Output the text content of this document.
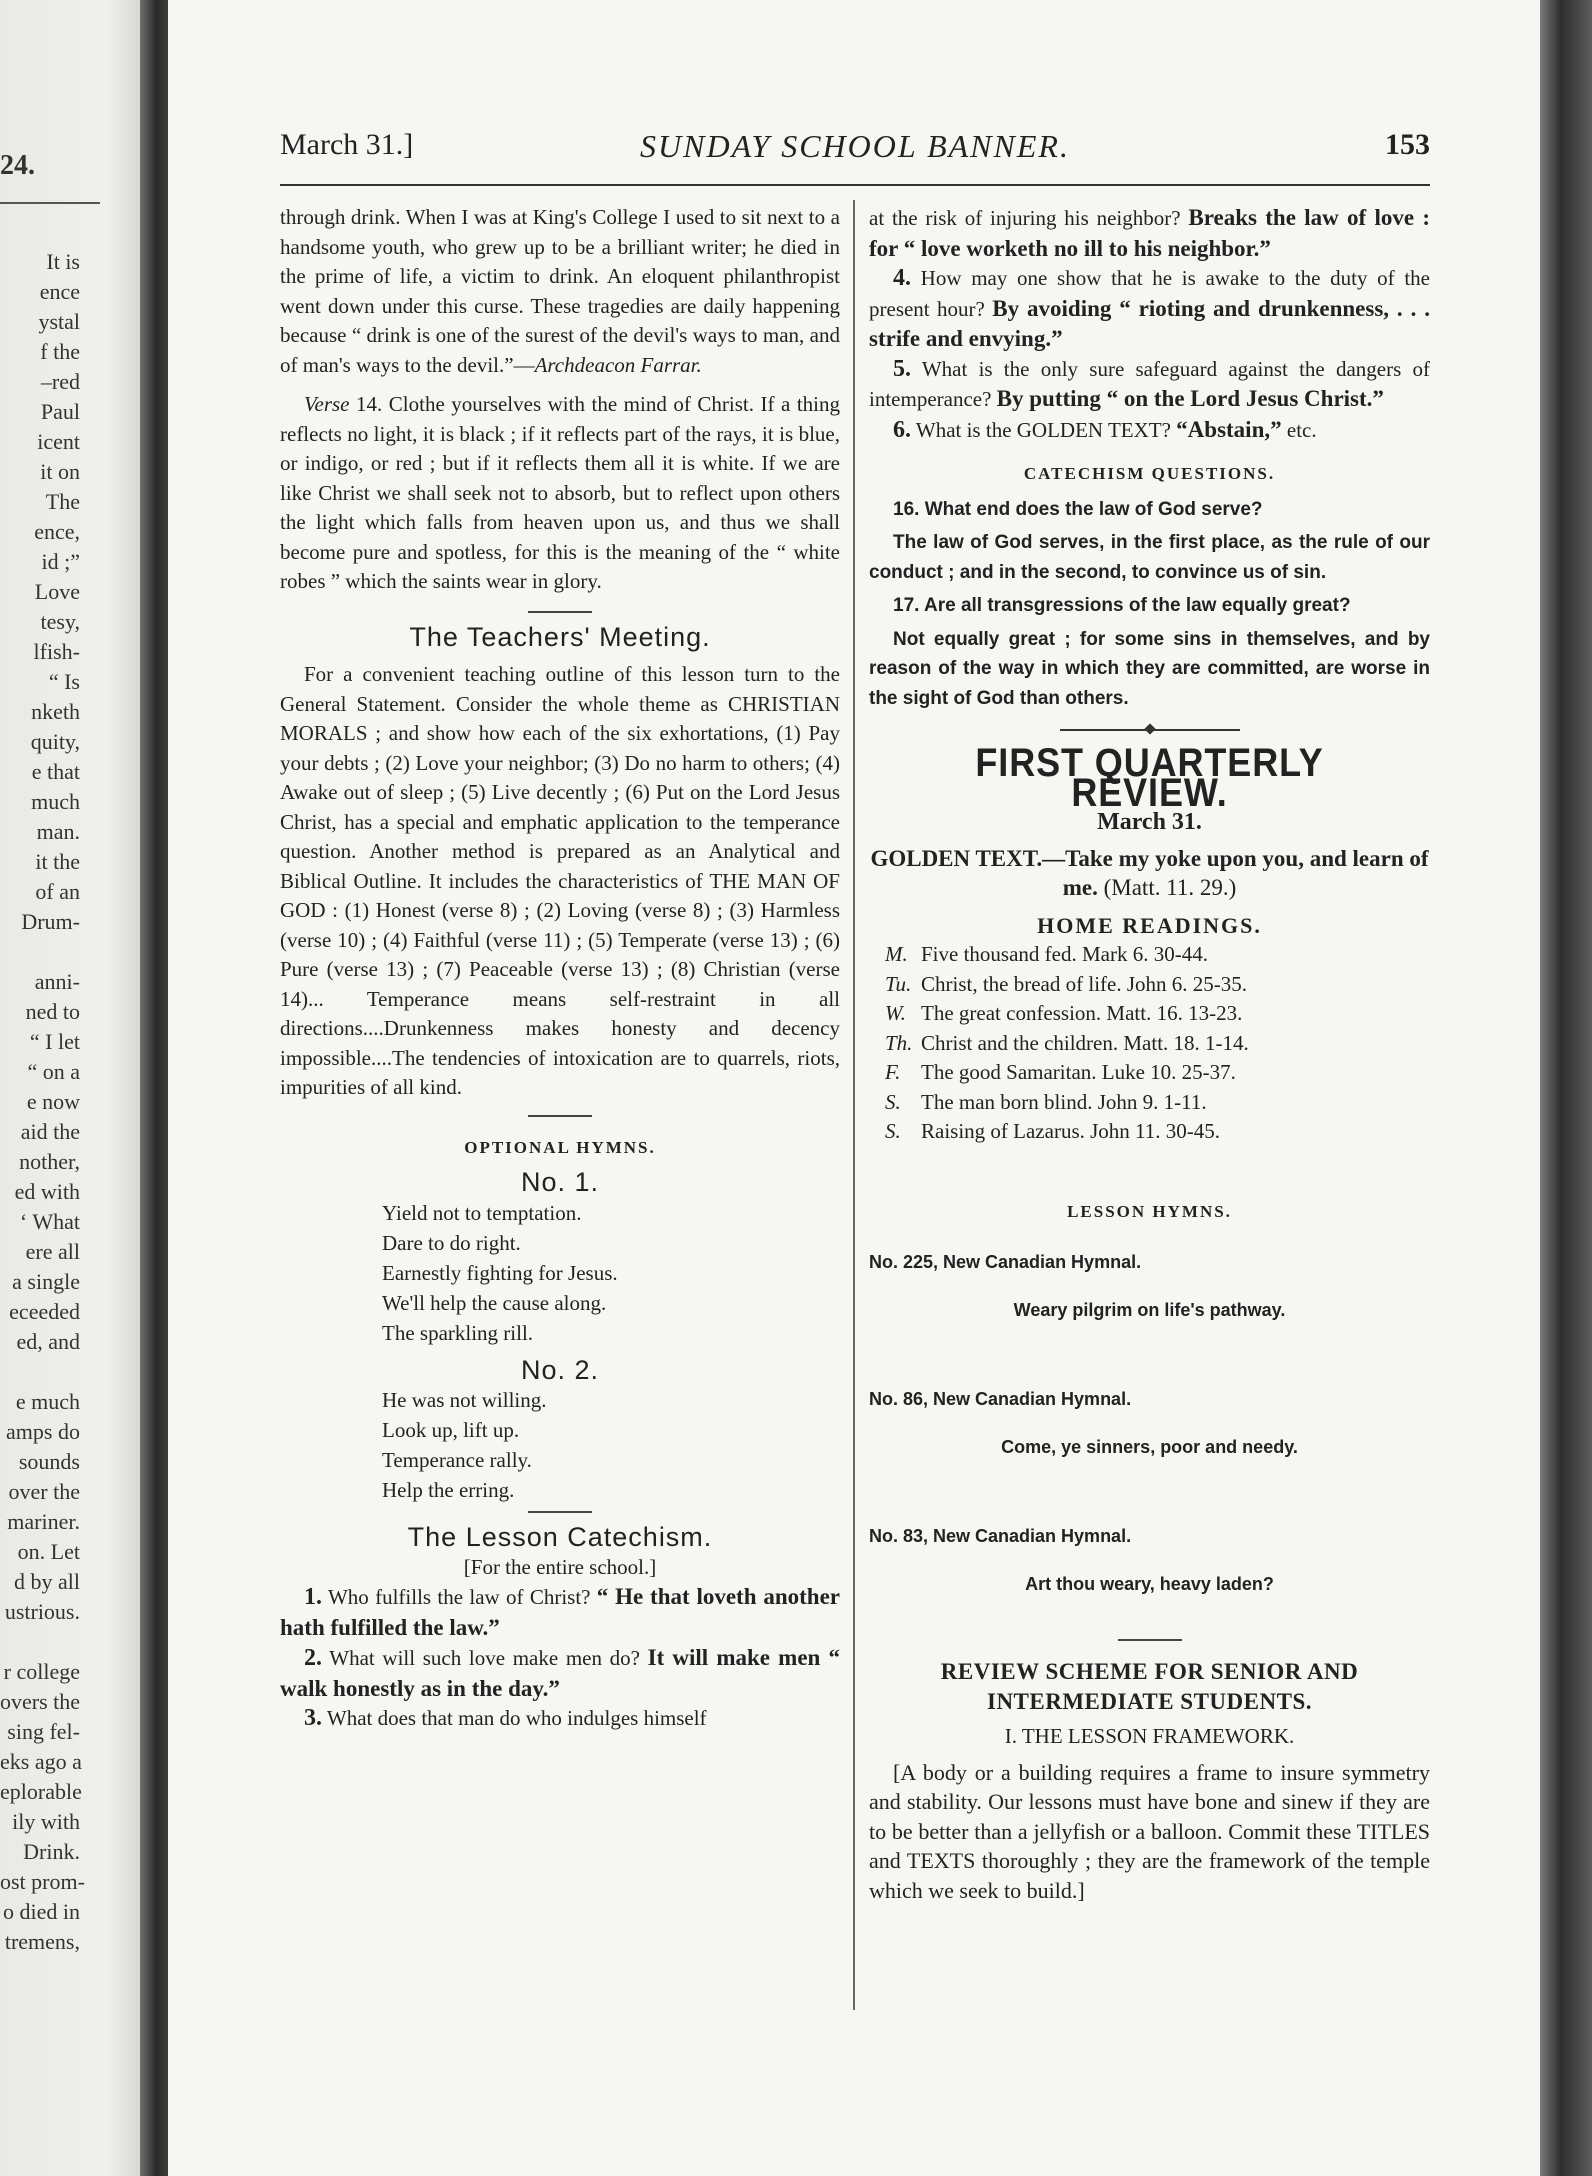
24.
It is
ence
ystal
f the
–red
Paul
icent
it on
The
ence,
id ;”
Love
tesy,
lfish-
“ Is
nketh
quity,
e that
much
man.
it the
of an
Drum-
anni-
ned to
“ I let
“ on a
e now
aid the
nother,
ed with
‘ What
ere all
a single
eceeded
ed, and
e much
amps do
sounds
over the
mariner.
on. Let
d by all
ustrious.
r college
overs the
sing fel-
eks ago a
eplorable
ily with
Drink.
ost prom-
o died in
tremens,
March 31.]	SUNDAY SCHOOL BANNER.	153

through drink. When I was at King's College I used to sit next to a handsome youth, who grew up to be a brilliant writer; he died in the prime of life, a victim to drink. An eloquent philanthropist went down under this curse. These tragedies are daily happening because “ drink is one of the surest of the devil's ways to man, and of man's ways to the devil.”—Archdeacon Farrar.

Verse 14. Clothe yourselves with the mind of Christ. If a thing reflects no light, it is black ; if it reflects part of the rays, it is blue, or indigo, or red ; but if it reflects them all it is white. If we are like Christ we shall seek not to absorb, but to reflect upon others the light which falls from heaven upon us, and thus we shall become pure and spotless, for this is the meaning of the “ white robes ” which the saints wear in glory.

The Teachers' Meeting.

For a convenient teaching outline of this lesson turn to the General Statement. Consider the whole theme as CHRISTIAN MORALS ; and show how each of the six exhortations, (1) Pay your debts ; (2) Love your neighbor; (3) Do no harm to others; (4) Awake out of sleep ; (5) Live decently ; (6) Put on the Lord Jesus Christ, has a special and emphatic application to the temperance question. Another method is prepared as an Analytical and Biblical Outline. It includes the characteristics of THE MAN OF GOD : (1) Honest (verse 8) ; (2) Loving (verse 8) ; (3) Harmless (verse 10) ; (4) Faithful (verse 11) ; (5) Temperate (verse 13) ; (6) Pure (verse 13) ; (7) Peaceable (verse 13) ; (8) Christian (verse 14)... Temperance means self-restraint in all directions....Drunkenness makes honesty and decency impossible....The tendencies of intoxication are to quarrels, riots, impurities of all kind.

OPTIONAL HYMNS.
No. 1.
Yield not to temptation.
Dare to do right.
Earnestly fighting for Jesus.
We'll help the cause along.
The sparkling rill.
No. 2.
He was not willing.
Look up, lift up.
Temperance rally.
Help the erring.
The Lesson Catechism.
[For the entire school.]

1. Who fulfills the law of Christ? “ He that loveth another hath fulfilled the law.”

2. What will such love make men do? It will make men “ walk honestly as in the day.”

3. What does that man do who indulges himself

at the risk of injuring his neighbor? Breaks the law of love : for “ love worketh no ill to his neighbor.”

4. How may one show that he is awake to the duty of the present hour? By avoiding “ rioting and drunkenness, . . . strife and envying.”

5. What is the only sure safeguard against the dangers of intemperance? By putting “ on the Lord Jesus Christ.”

6. What is the GOLDEN TEXT? “Abstain,” etc.

CATECHISM QUESTIONS.

16. What end does the law of God serve?

The law of God serves, in the first place, as the rule of our conduct ; and in the second, to convince us of sin.

17. Are all transgressions of the law equally great?

Not equally great ; for some sins in themselves, and by reason of the way in which they are committed, are worse in the sight of God than others.

FIRST QUARTERLY REVIEW.
March 31.
GOLDEN TEXT.—Take my yoke upon you, and learn of me. (Matt. 11. 29.)
HOME READINGS.
M. Five thousand fed. Mark 6. 30-44.
Tu. Christ, the bread of life. John 6. 25-35.
W. The great confession. Matt. 16. 13-23.
Th. Christ and the children. Matt. 18. 1-14.
F. The good Samaritan. Luke 10. 25-37.
S. The man born blind. John 9. 1-11.
S. Raising of Lazarus. John 11. 30-45.
LESSON HYMNS.
No. 225, New Canadian Hymnal.
Weary pilgrim on life's pathway.
No. 86, New Canadian Hymnal.
Come, ye sinners, poor and needy.
No. 83, New Canadian Hymnal.
Art thou weary, heavy laden?
REVIEW SCHEME FOR SENIOR AND INTERMEDIATE STUDENTS.
I. THE LESSON FRAMEWORK.

[A body or a building requires a frame to insure symmetry and stability. Our lessons must have bone and sinew if they are to be better than a jellyfish or a balloon. Commit these TITLES and TEXTS thoroughly ; they are the framework of the temple which we seek to build.]
